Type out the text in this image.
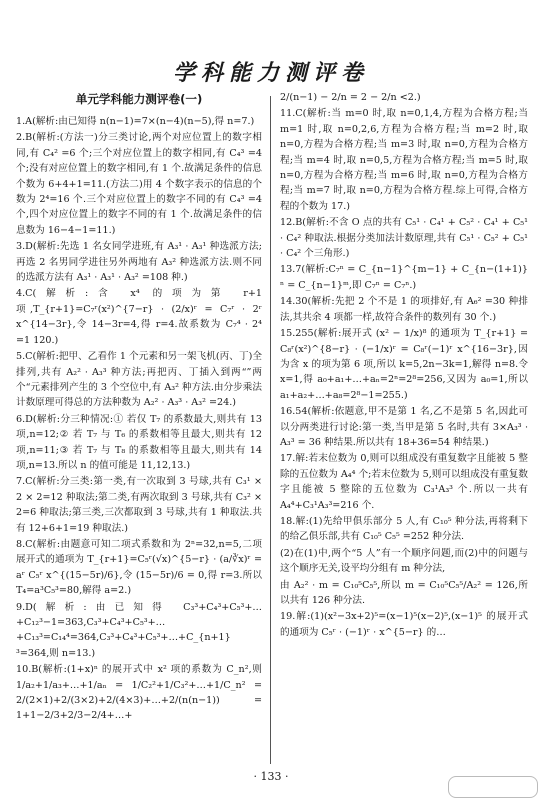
学科能力测评卷
单元学科能力测评卷(一)
1.A(解析:由已知得 n(n−1)=7×(n−4)(n−5),得 n=7.)
2.B(解析:(方法一)分三类讨论,两个对应位置上的数字相同,有 C₄² =6 个;三个对应位置上的数字相同,有 C₄³ =4 个;没有对应位置上的数字相同,有 1 个.故满足条件的信息个数为 6+4+1=11.(方法二)用 4 个数字表示的信息的个数为 2⁴=16 个.三个对应位置上的数字不同的有 C₄³ =4 个,四个对应位置上的数字不同的有 1 个.故满足条件的信息数为 16−4−1=11.)
3.D(解析:先选 1 名女同学进班,有 A₃¹ · A₃¹ 种选派方法;再选 2 名男同学进往另外两地有 A₃² 种选派方法.则不同的选派方法有 A₃¹ · A₃¹ · A₃² =108 种.)
4.C(解析:含 x⁴ 的项为第 r+1 项,T_{r+1}=C₇ʳ(x²)^{7−r} · (2/x)ʳ = C₇ʳ · 2ʳ x^{14−3r},令 14−3r=4,得 r=4.故系数为 C₇⁴ · 2⁴ =1 120.)
5.C(解析:把甲、乙看作 1 个元素和另一架飞机(丙、丁)全排列,共有 A₂² · A₃³ 种方法;再把丙、丁插入到两“”两个“元素排列产生的 3 个空位中,有 A₃² 种方法.由分步乘法计数原理可得总的方法种数为 A₂² · A₃³ · A₃² =24.)
6.D(解析:分三种情况:① 若仅 T₇ 的系数最大,则共有 13 项,n=12;② 若 T₇ 与 T₆ 的系数相等且最大,则共有 12 项,n=11;③ 若 T₇ 与 T₈ 的系数相等且最大,则共有 14 项,n=13.所以 n 的值可能是 11,12,13.)
7.C(解析:分三类:第一类,有一次取到 3 号球,共有 C₃¹ × 2 × 2=12 种取法;第二类,有两次取到 3 号球,共有 C₃² × 2=6 种取法;第三类,三次都取到 3 号球,共有 1 种取法.共有 12+6+1=19 种取法.)
8.C(解析:由题意可知二项式系数和为 2ⁿ=32,n=5,二项展开式的通项为 T_{r+1}=C₅ʳ(√x)^{5−r} · (a/∛x)ʳ = aʳ C₅ʳ x^{(15−5r)/6},令 (15−5r)/6 = 0,得 r=3.所以 T₄=a³C₅³=80,解得 a=2.)
9.D(解析:由已知得 C₃³+C₄³+C₅³+…+C₁₂³−1=363,C₃³+C₄³+C₅³+…+C₁₃³=C₁₄⁴=364,C₃³+C₄³+C₅³+…+C_{n+1}³=364,则 n=13.)
10.B(解析:(1+x)ⁿ 的展开式中 x² 项的系数为 C_n²,则 1/a₂+1/a₃+…+1/aₙ = 1/C₂²+1/C₃²+…+1/C_n² = 2/(2×1)+2/(3×2)+2/(4×3)+…+2/(n(n−1)) = 1+1−2/3+2/3−2/4+…+
2/(n−1) − 2/n = 2 − 2/n <2.)
11.C(解析:当 m=0 时,取 n=0,1,4,方程为合格方程;当 m=1 时,取 n=0,2,6,方程为合格方程;当 m=2 时,取 n=0,方程为合格方程;当 m=3 时,取 n=0,方程为合格方程;当 m=4 时,取 n=0,5,方程为合格方程;当 m=5 时,取 n=0,方程为合格方程;当 m=6 时,取 n=0,方程为合格方程;当 m=7 时,取 n=0,方程为合格方程.综上可得,合格方程的个数为 17.)
12.B(解析:不含 O 点的共有 C₅¹ · C₄¹ + C₅² · C₄¹ + C₅¹ · C₄² 种取法.根据分类加法计数原理,共有 C₅¹ · C₅² + C₅¹ · C₄² 个三角形.)
13.7(解析:C₇ⁿ = C_{n−1}^{m−1} + C_{n−(1+1)}ⁿ = C_{n−1}ᵐ,即 C₇ⁿ = C₇ⁿ.)
14.30(解析:先把 2 个不是 1 的项排好,有 A₆² =30 种排法,其共余 4 项都一样,故符合条件的数列有 30 个.)
15.255(解析:展开式 (x² − 1/x)⁸ 的通项为 T_{r+1} = C₈ʳ(x²)^{8−r} · (−1/x)ʳ = C₈ʳ(−1)ʳ x^{16−3r},因为含 x 的项为第 6 项,所以 k=5,2n−3k=1,解得 n=8.令 x=1,得 a₀+a₁+…+aₙ=2ⁿ=2⁸=256,又因为 a₀=1,所以 a₁+a₂+…+a₈=2⁸−1=255.)
16.54(解析:依题意,甲不是第 1 名,乙不是第 5 名,因此可以分两类进行讨论:第一类,当甲是第 5 名时,共有 3×A₃³ · A₃³ = 36 种结果.所以共有 18+36=54 种结果.)
17.解:若末位数为 0,则可以组成没有重复数字且能被 5 整除的五位数为 A₄⁴ 个;若末位数为 5,则可以组成没有重复数字且能被 5 整除的五位数为 C₃¹A₃³ 个.所以一共有 A₄⁴+C₃¹A₃³=216 个.
18.解:(1)先给甲俱乐部分 5 人,有 C₁₀⁵ 种分法,再将剩下的给乙俱乐部,共有 C₁₀⁵ C₅⁵ =252 种分法.
(2)在(1)中,两个“5 人”有一个顺序问题,而(2)中的问题与这个顺序无关,设平均分组有 m 种分法,
由 A₂² · m = C₁₀⁵C₅⁵,所以 m = C₁₀⁵C₅⁵/A₂² = 126,所以共有 126 种分法.
19.解:(1)(x²−3x+2)⁵=(x−1)⁵(x−2)⁵,(x−1)⁵ 的展开式的通项为 C₅ʳ · (−1)ʳ · x^{5−r} 的…
· 133 ·
